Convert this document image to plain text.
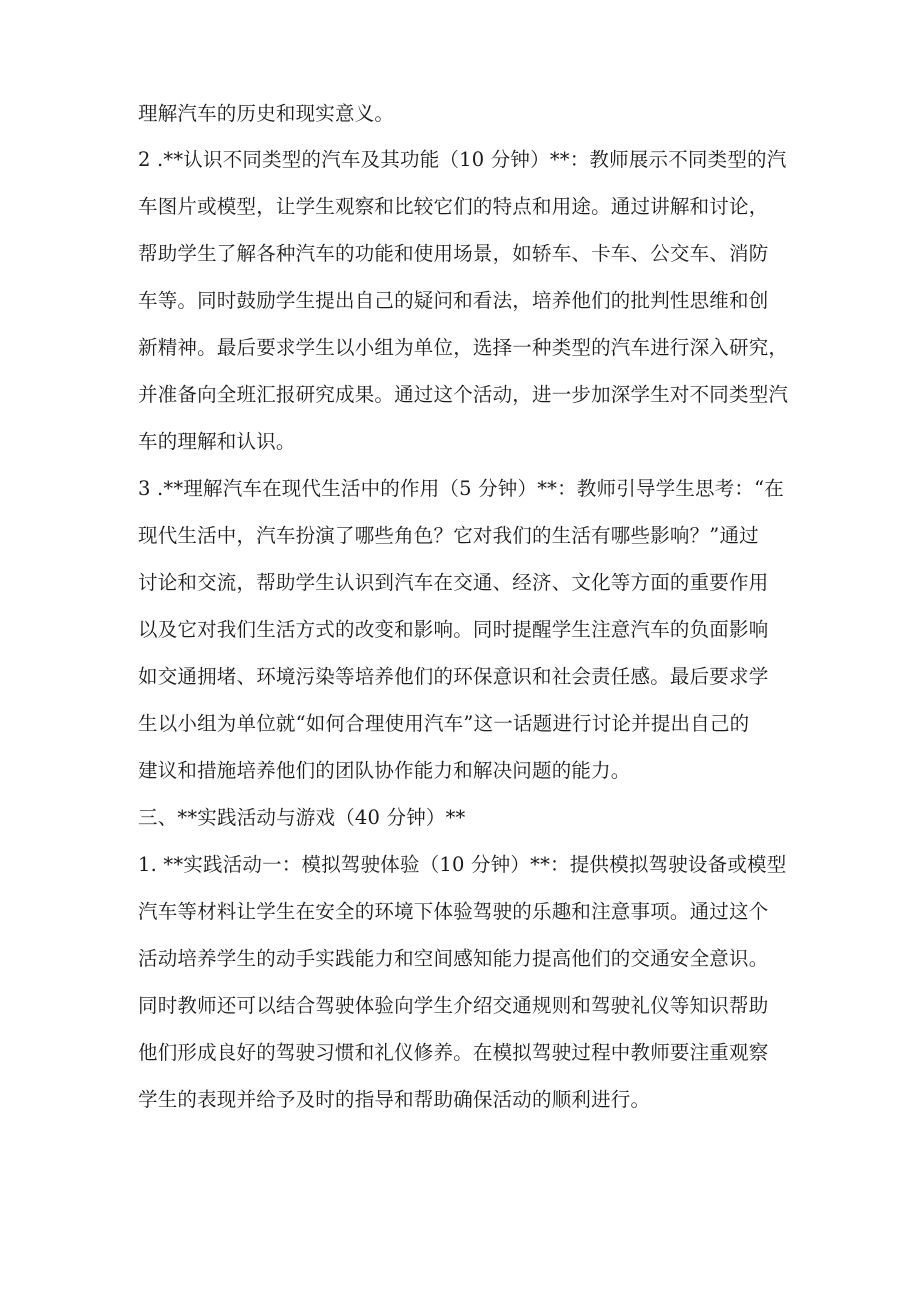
理解汽车的历史和现实意义。
2 .**认识不同类型的汽车及其功能（10 分钟）**：教师展示不同类型的汽
车图片或模型，让学生观察和比较它们的特点和用途。通过讲解和讨论，
帮助学生了解各种汽车的功能和使用场景，如轿车、卡车、公交车、消防
车等。同时鼓励学生提出自己的疑问和看法，培养他们的批判性思维和创
新精神。最后要求学生以小组为单位，选择一种类型的汽车进行深入研究，
并准备向全班汇报研究成果。通过这个活动，进一步加深学生对不同类型汽
车的理解和认识。
3 .**理解汽车在现代生活中的作用（5 分钟）**：教师引导学生思考：“在
现代生活中，汽车扮演了哪些角色？它对我们的生活有哪些影响？”通过
讨论和交流，帮助学生认识到汽车在交通、经济、文化等方面的重要作用
以及它对我们生活方式的改变和影响。同时提醒学生注意汽车的负面影响
如交通拥堵、环境污染等培养他们的环保意识和社会责任感。最后要求学
生以小组为单位就“如何合理使用汽车”这一话题进行讨论并提出自己的
建议和措施培养他们的团队协作能力和解决问题的能力。
三、**实践活动与游戏（40 分钟）**
1. **实践活动一：模拟驾驶体验（10 分钟）**：提供模拟驾驶设备或模型
汽车等材料让学生在安全的环境下体验驾驶的乐趣和注意事项。通过这个
活动培养学生的动手实践能力和空间感知能力提高他们的交通安全意识。
同时教师还可以结合驾驶体验向学生介绍交通规则和驾驶礼仪等知识帮助
他们形成良好的驾驶习惯和礼仪修养。在模拟驾驶过程中教师要注重观察
学生的表现并给予及时的指导和帮助确保活动的顺利进行。
